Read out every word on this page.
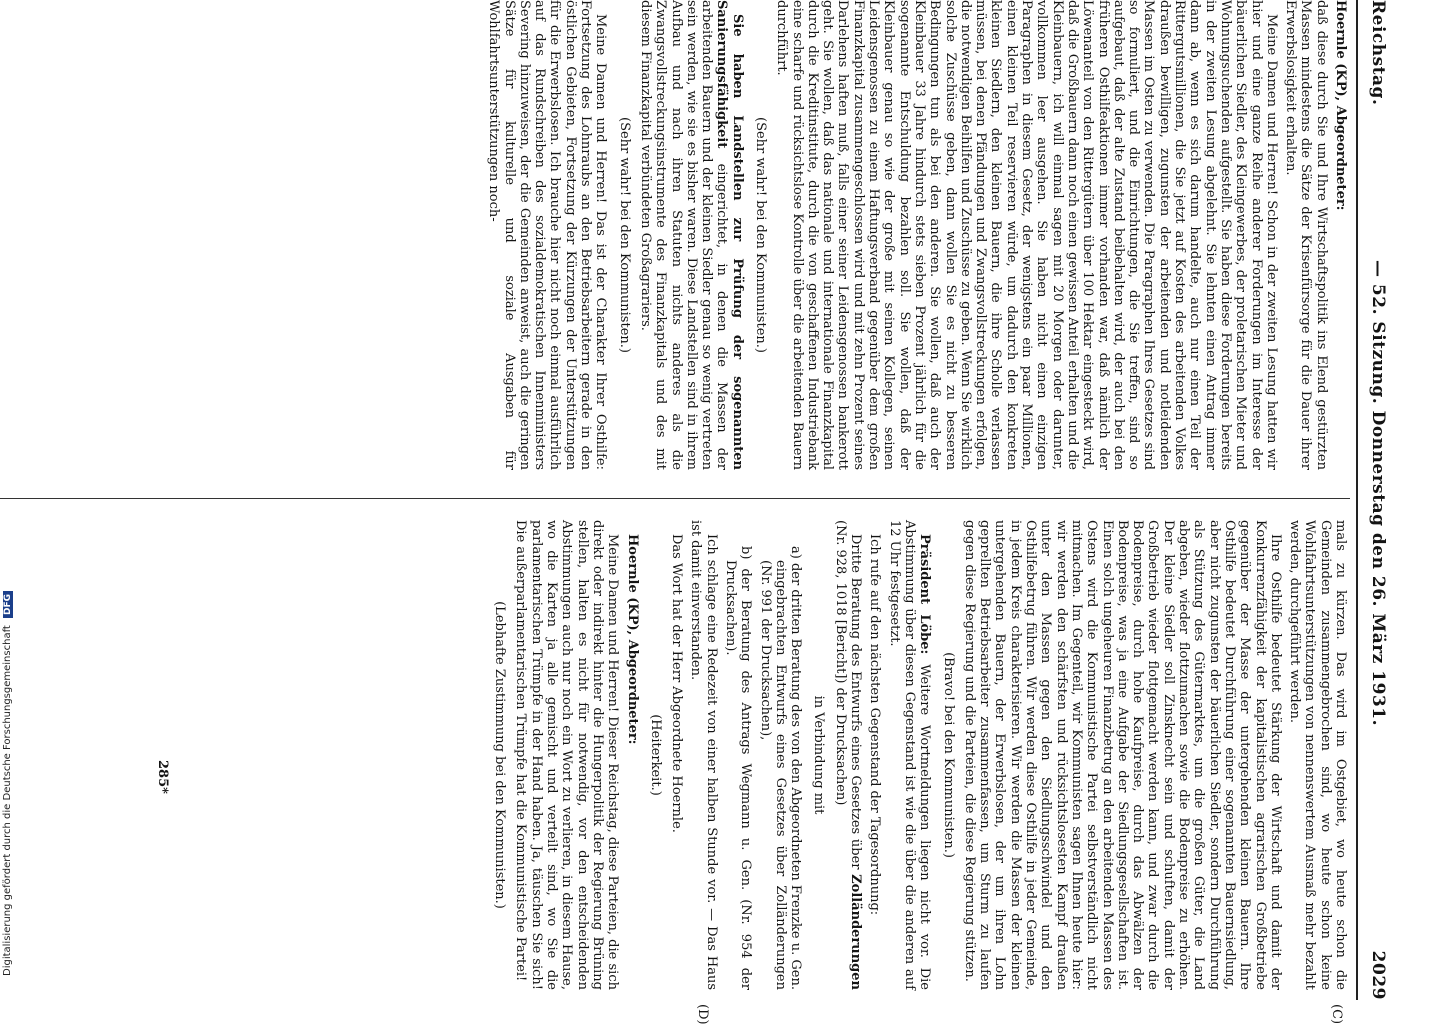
Reichstag.
— 52. Sitzung. Donnerstag den 26. März 1931.
2029
(C)
(D)

Hoernle (KP), Abgeordneter:

daß diese durch Sie und Ihre Wirtschaftspolitik ins Elend gestürzten Massen mindestens die Sätze der Krisenfürsorge für die Dauer ihrer Erwerbslosigkeit erhalten.

Meine Damen und Herren! Schon in der zweiten Lesung hatten wir hier und eine ganze Reihe anderer Forderungen im Interesse der bäuerlichen Siedler, des Kleingewerbes, der proletarischen Mieter und Wohnungsuchenden aufgestellt. Sie haben diese Forderungen bereits in der zweiten Lesung abgelehnt. Sie lehnten einen Antrag immer dann ab, wenn es sich darum handelte, auch nur einen Teil der Rittergutsmillionen, die Sie jetzt auf Kosten des arbeitenden Volkes draußen bewilligen, zugunsten der arbeitenden und notleidenden Massen im Osten zu verwenden. Die Paragraphen Ihres Gesetzes sind so formuliert, und die Einrichtungen, die Sie treffen, sind so aufgebaut, daß der alte Zustand beibehalten wird, der auch bei den früheren Osthilfeaktionen immer vorhanden war, daß nämlich der Löwenanteil von den Rittergütern über 100 Hektar eingesteckt wird, daß die Großbauern dann noch einen gewissen Anteil erhalten und die Kleinbauern, ich will einmal sagen mit 20 Morgen oder darunter, vollkommen leer ausgehen. Sie haben nicht einen einzigen Paragraphen in diesem Gesetz, der wenigstens ein paar Millionen, einen kleinen Teil reservieren würde, um dadurch den konkreten kleinen Siedlern, den kleinen Bauern, die ihre Scholle verlassen müssen, bei denen Pfändungen und Zwangsvollstreckungen erfolgen, die notwendigen Beihilfen und Zuschüsse zu geben. Wenn Sie wirklich solche Zuschüsse geben, dann wollen Sie es nicht zu besseren Bedingungen tun als bei den anderen. Sie wollen, daß auch der Kleinbauer 33 Jahre hindurch stets sieben Prozent jährlich für die sogenannte Entschuldung bezahlen soll. Sie wollen, daß der Kleinbauer genau so wie der große mit seinen Kollegen, seinen Leidensgenossen zu einem Haftungsverband gegenüber dem großen Finanzkapital zusammengeschlossen wird und mit zehn Prozent seines Darlehens haften muß, falls einer seiner Leidensgenossen bankerott geht. Sie wollen, daß das nationale und internationale Finanzkapital durch die Kreditinstitute, durch die von geschaffenen Industriebank eine scharfe und rücksichtslose Kontrolle über die arbeitenden Bauern durchführt.

(Sehr wahr! bei den Kommunisten.)

Sie haben Landstellen zur Prüfung der sogenannten Sanierungsfähigkeit eingerichtet, in denen die Massen der arbeitenden Bauern und der kleinen Siedler genau so wenig vertreten sein werden, wie sie es bisher waren. Diese Landstellen sind in ihrem Aufbau und nach ihren Statuten nichts anderes als die Zwangsvollstreckungsinstrumente des Finanzkapitals und des mit diesem Finanzkapital verbündeten Großagrariers.

(Sehr wahr! bei den Kommunisten.)

Meine Damen und Herren! Das ist der Charakter Ihrer Osthilfe: Fortsetzung des Lohnraubs an den Betriebsarbeitern gerade in den östlichen Gebieten, Fortsetzung der Kürzungen der Unterstützungen für die Erwerbslosen. Ich brauche hier nicht noch einmal ausführlich auf das Rundschreiben des sozialdemokratischen Innenministers Severing hinzuweisen, der die Gemeinden anweist, auch die geringen Sätze für kulturelle und soziale Ausgaben für Wohlfahrtsunterstützungen noch-

mals zu kürzen. Das wird im Ostgebiet, wo heute schon die Gemeinden zusammengebrochen sind, wo heute schon keine Wohlfahrtsunterstützungen von nennenswertem Ausmaß mehr bezahlt werden, durchgeführt werden.

Ihre Osthilfe bedeutet Stärkung der Wirtschaft und damit der Konkurrenzfähigkeit der kapitalistischen agrarischen Großbetriebe gegenüber der Masse der untergehenden kleinen Bauern. Ihre Osthilfe bedeutet Durchführung einer sogenannten Bauernsiedlung, aber nicht zugunsten der bäuerlichen Siedler, sondern Durchführung als Stützung des Gütermarktes, um die großen Güter, die Land abgeben, wieder flottzumachen sowie die Bodenpreise zu erhöhen. Der kleine Siedler soll Zinsknecht sein und schuften, damit der Großbetrieb wieder flottgemacht werden kann, und zwar durch die Bodenpreise, durch hohe Kaufpreise, durch das Abwälzen der Bodenpreise, was ja eine Aufgabe der Siedlungsgesellschaften ist. Einen solch ungeheuren Finanzbetrug an den arbeitenden Massen des Ostens wird die Kommunistische Partei selbstverständlich nicht mitmachen. Im Gegenteil, wir Kommunisten sagen Ihnen heute hier: wir werden den schärfsten und rücksichtslosesten Kampf draußen unter den Massen gegen den Siedlungsschwindel und den Osthilfebetrug führen. Wir werden diese Osthilfe in jeder Gemeinde, in jedem Kreis charakterisieren. Wir werden die Massen der kleinen untergehenden Bauern, der Erwerbslosen, der um ihren Lohn geprellten Betriebsarbeiter zusammenfassen, um Sturm zu laufen gegen diese Regierung und die Parteien, die diese Regierung stützen.

(Bravo! bei den Kommunisten.)

Präsident Löbe: Weitere Wortmeldungen liegen nicht vor. Die Abstimmung über diesen Gegenstand ist wie die über die anderen auf 12 Uhr festgesetzt.

Ich rufe auf den nächsten Gegenstand der Tagesordnung:

Dritte Beratung des Entwurfs eines Gesetzes über Zolländerungen (Nr. 928, 1018 [Bericht]) der Drucksachen)

in Verbindung mit

a) der dritten Beratung des von den Abgeordneten Frenzke u. Gen. eingebrachten Entwurfs eines Gesetzes über Zolländerungen (Nr. 991 der Drucksachen),

b) der Beratung des Antrags Wegmann u. Gen. (Nr. 954 der Drucksachen).

Ich schlage eine Redezeit von einer halben Stunde vor. — Das Haus ist damit einverstanden.

Das Wort hat der Herr Abgeordnete Hoernle.

(Heiterkeit.)

Hoernle (KP), Abgeordneter:

Meine Damen und Herren! Dieser Reichstag, diese Parteien, die sich direkt oder indirekt hinter die Hungerpolitik der Regierung Brüning stellen, halten es nicht für notwendig, vor den entscheidenden Abstimmungen auch nur noch ein Wort zu verlieren, in diesem Hause, wo die Karten ja alle gemischt und verteilt sind, wo Sie die parlamentarischen Trümpfe in der Hand haben. Ja, täuschen Sie sich! Die außerparlamentarischen Trümpfe hat die Kommunistische Partei!

(Lebhafte Zustimmung bei den Kommunisten.)

285*
Digitalisierung gefördert durch die Deutsche Forschungsgemeinschaft DFG
